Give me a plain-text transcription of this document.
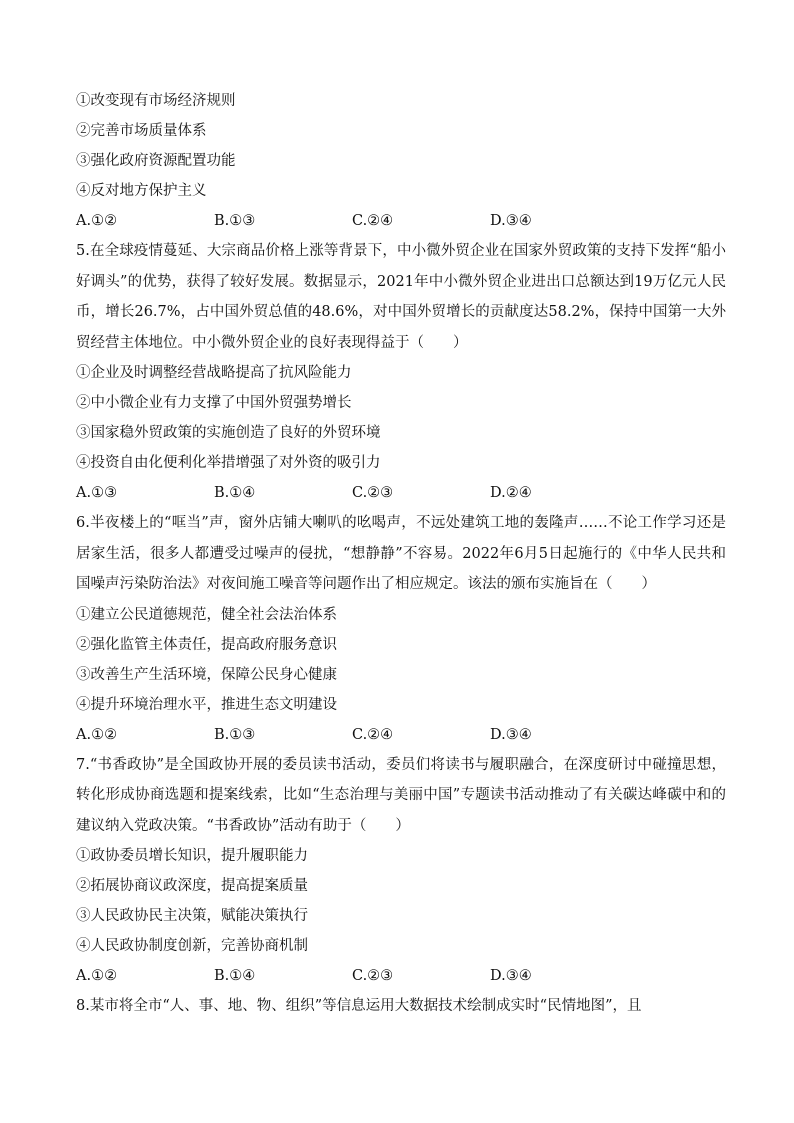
①改变现有市场经济规则
②完善市场质量体系
③强化政府资源配置功能
④反对地方保护主义
A.①②	B.①③	C.②④	D.③④
5.在全球疫情蔓延、大宗商品价格上涨等背景下，中小微外贸企业在国家外贸政策的支持下发挥“船小好调头”的优势，获得了较好发展。数据显示，2021年中小微外贸企业进出口总额达到19万亿元人民币，增长26.7%，占中国外贸总值的48.6%，对中国外贸增长的贡献度达58.2%，保持中国第一大外贸经营主体地位。中小微外贸企业的良好表现得益于（　　）
①企业及时调整经营战略提高了抗风险能力
②中小微企业有力支撑了中国外贸强势增长
③国家稳外贸政策的实施创造了良好的外贸环境
④投资自由化便利化举措增强了对外资的吸引力
A.①③	B.①④	C.②③	D.②④
6.半夜楼上的“哐当”声，窗外店铺大喇叭的吆喝声，不远处建筑工地的轰隆声……不论工作学习还是居家生活，很多人都遭受过噪声的侵扰，“想静静”不容易。2022年6月5日起施行的《中华人民共和国噪声污染防治法》对夜间施工噪音等问题作出了相应规定。该法的颁布实施旨在（　　）
①建立公民道德规范，健全社会法治体系
②强化监管主体责任，提高政府服务意识
③改善生产生活环境，保障公民身心健康
④提升环境治理水平，推进生态文明建设
A.①②	B.①③	C.②④	D.③④
7.“书香政协”是全国政协开展的委员读书活动，委员们将读书与履职融合，在深度研讨中碰撞思想，转化形成协商选题和提案线索，比如“生态治理与美丽中国”专题读书活动推动了有关碳达峰碳中和的建议纳入党政决策。“书香政协”活动有助于（　　）
①政协委员增长知识，提升履职能力
②拓展协商议政深度，提高提案质量
③人民政协民主决策，赋能决策执行
④人民政协制度创新，完善协商机制
A.①②	B.①④	C.②③	D.③④
8.某市将全市“人、事、地、物、组织”等信息运用大数据技术绘制成实时“民情地图”，且
